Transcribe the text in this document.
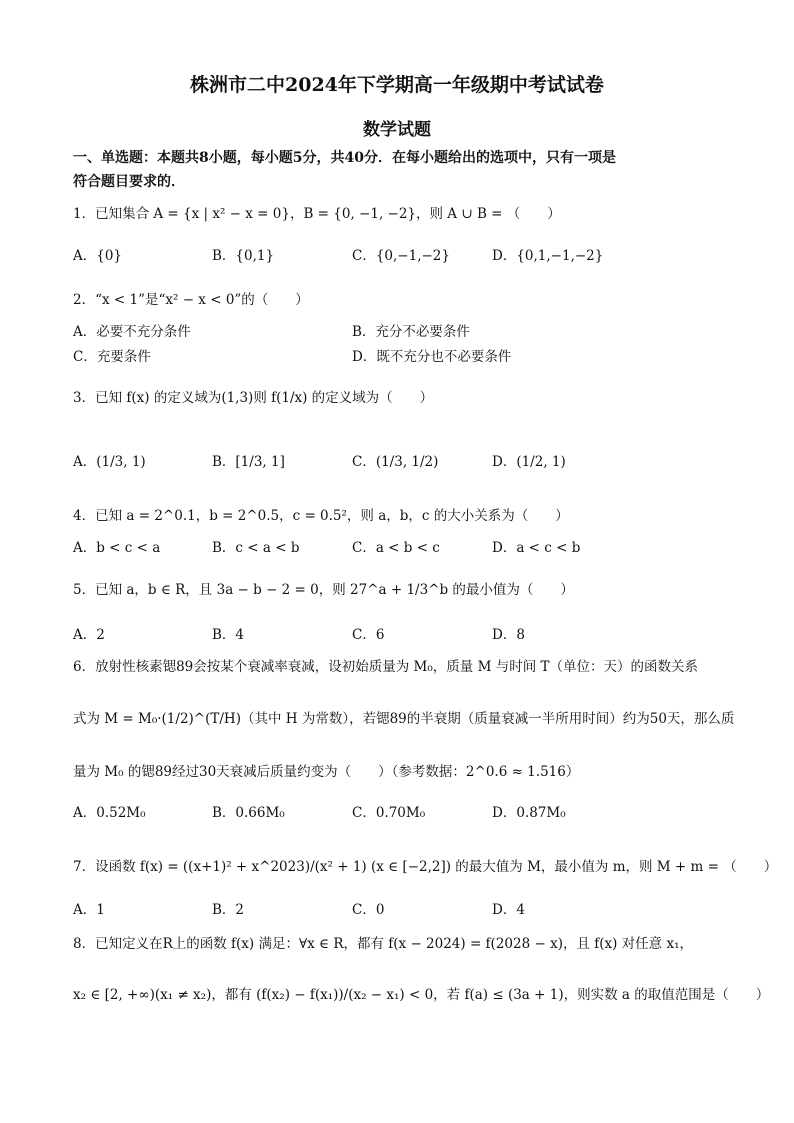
株洲市二中2024年下学期高一年级期中考试试卷
数学试题
一、单选题：本题共8小题，每小题5分，共40分．在每小题给出的选项中，只有一项是
符合题目要求的．
1．已知集合 A = {x | x² − x = 0}，B = {0, −1, −2}，则 A ∪ B = （　　）
A．{0}	B．{0,1}	C．{0,−1,−2}	D．{0,1,−1,−2}
2．“x < 1”是“x² − x < 0”的（　　）
A．必要不充分条件	B．充分不必要条件
C．充要条件	D．既不充分也不必要条件
3．已知 f(x) 的定义域为(1,3)则 f(1/x) 的定义域为（　　）
A．(1/3, 1)	B．[1/3, 1]	C．(1/3, 1/2)	D．(1/2, 1)
4．已知 a = 2^0.1，b = 2^0.5，c = 0.5²，则 a，b，c 的大小关系为（　　）
A．b < c < a	B．c < a < b	C．a < b < c	D．a < c < b
5．已知 a，b ∈ R，且 3a − b − 2 = 0，则 27^a + 1/3^b 的最小值为（　　）
A．2	B．4	C．6	D．8
6．放射性核素锶89会按某个衰减率衰减，设初始质量为 M₀，质量 M 与时间 T（单位：天）的函数关系
式为 M = M₀·(1/2)^(T/H)（其中 H 为常数），若锶89的半衰期（质量衰减一半所用时间）约为50天，那么质
量为 M₀ 的锶89经过30天衰减后质量约变为（　　）（参考数据：2^0.6 ≈ 1.516）
A．0.52M₀	B．0.66M₀	C．0.70M₀	D．0.87M₀
7．设函数 f(x) = ((x+1)² + x^2023)/(x² + 1) (x ∈ [−2,2]) 的最大值为 M，最小值为 m，则 M + m = （　　）
A．1	B．2	C．0	D．4
8．已知定义在R上的函数 f(x) 满足：∀x ∈ R，都有 f(x − 2024) = f(2028 − x)，且 f(x) 对任意 x₁，
x₂ ∈ [2, +∞)(x₁ ≠ x₂)，都有 (f(x₂) − f(x₁))/(x₂ − x₁) < 0，若 f(a) ≤ (3a + 1)，则实数 a 的取值范围是（　　）
